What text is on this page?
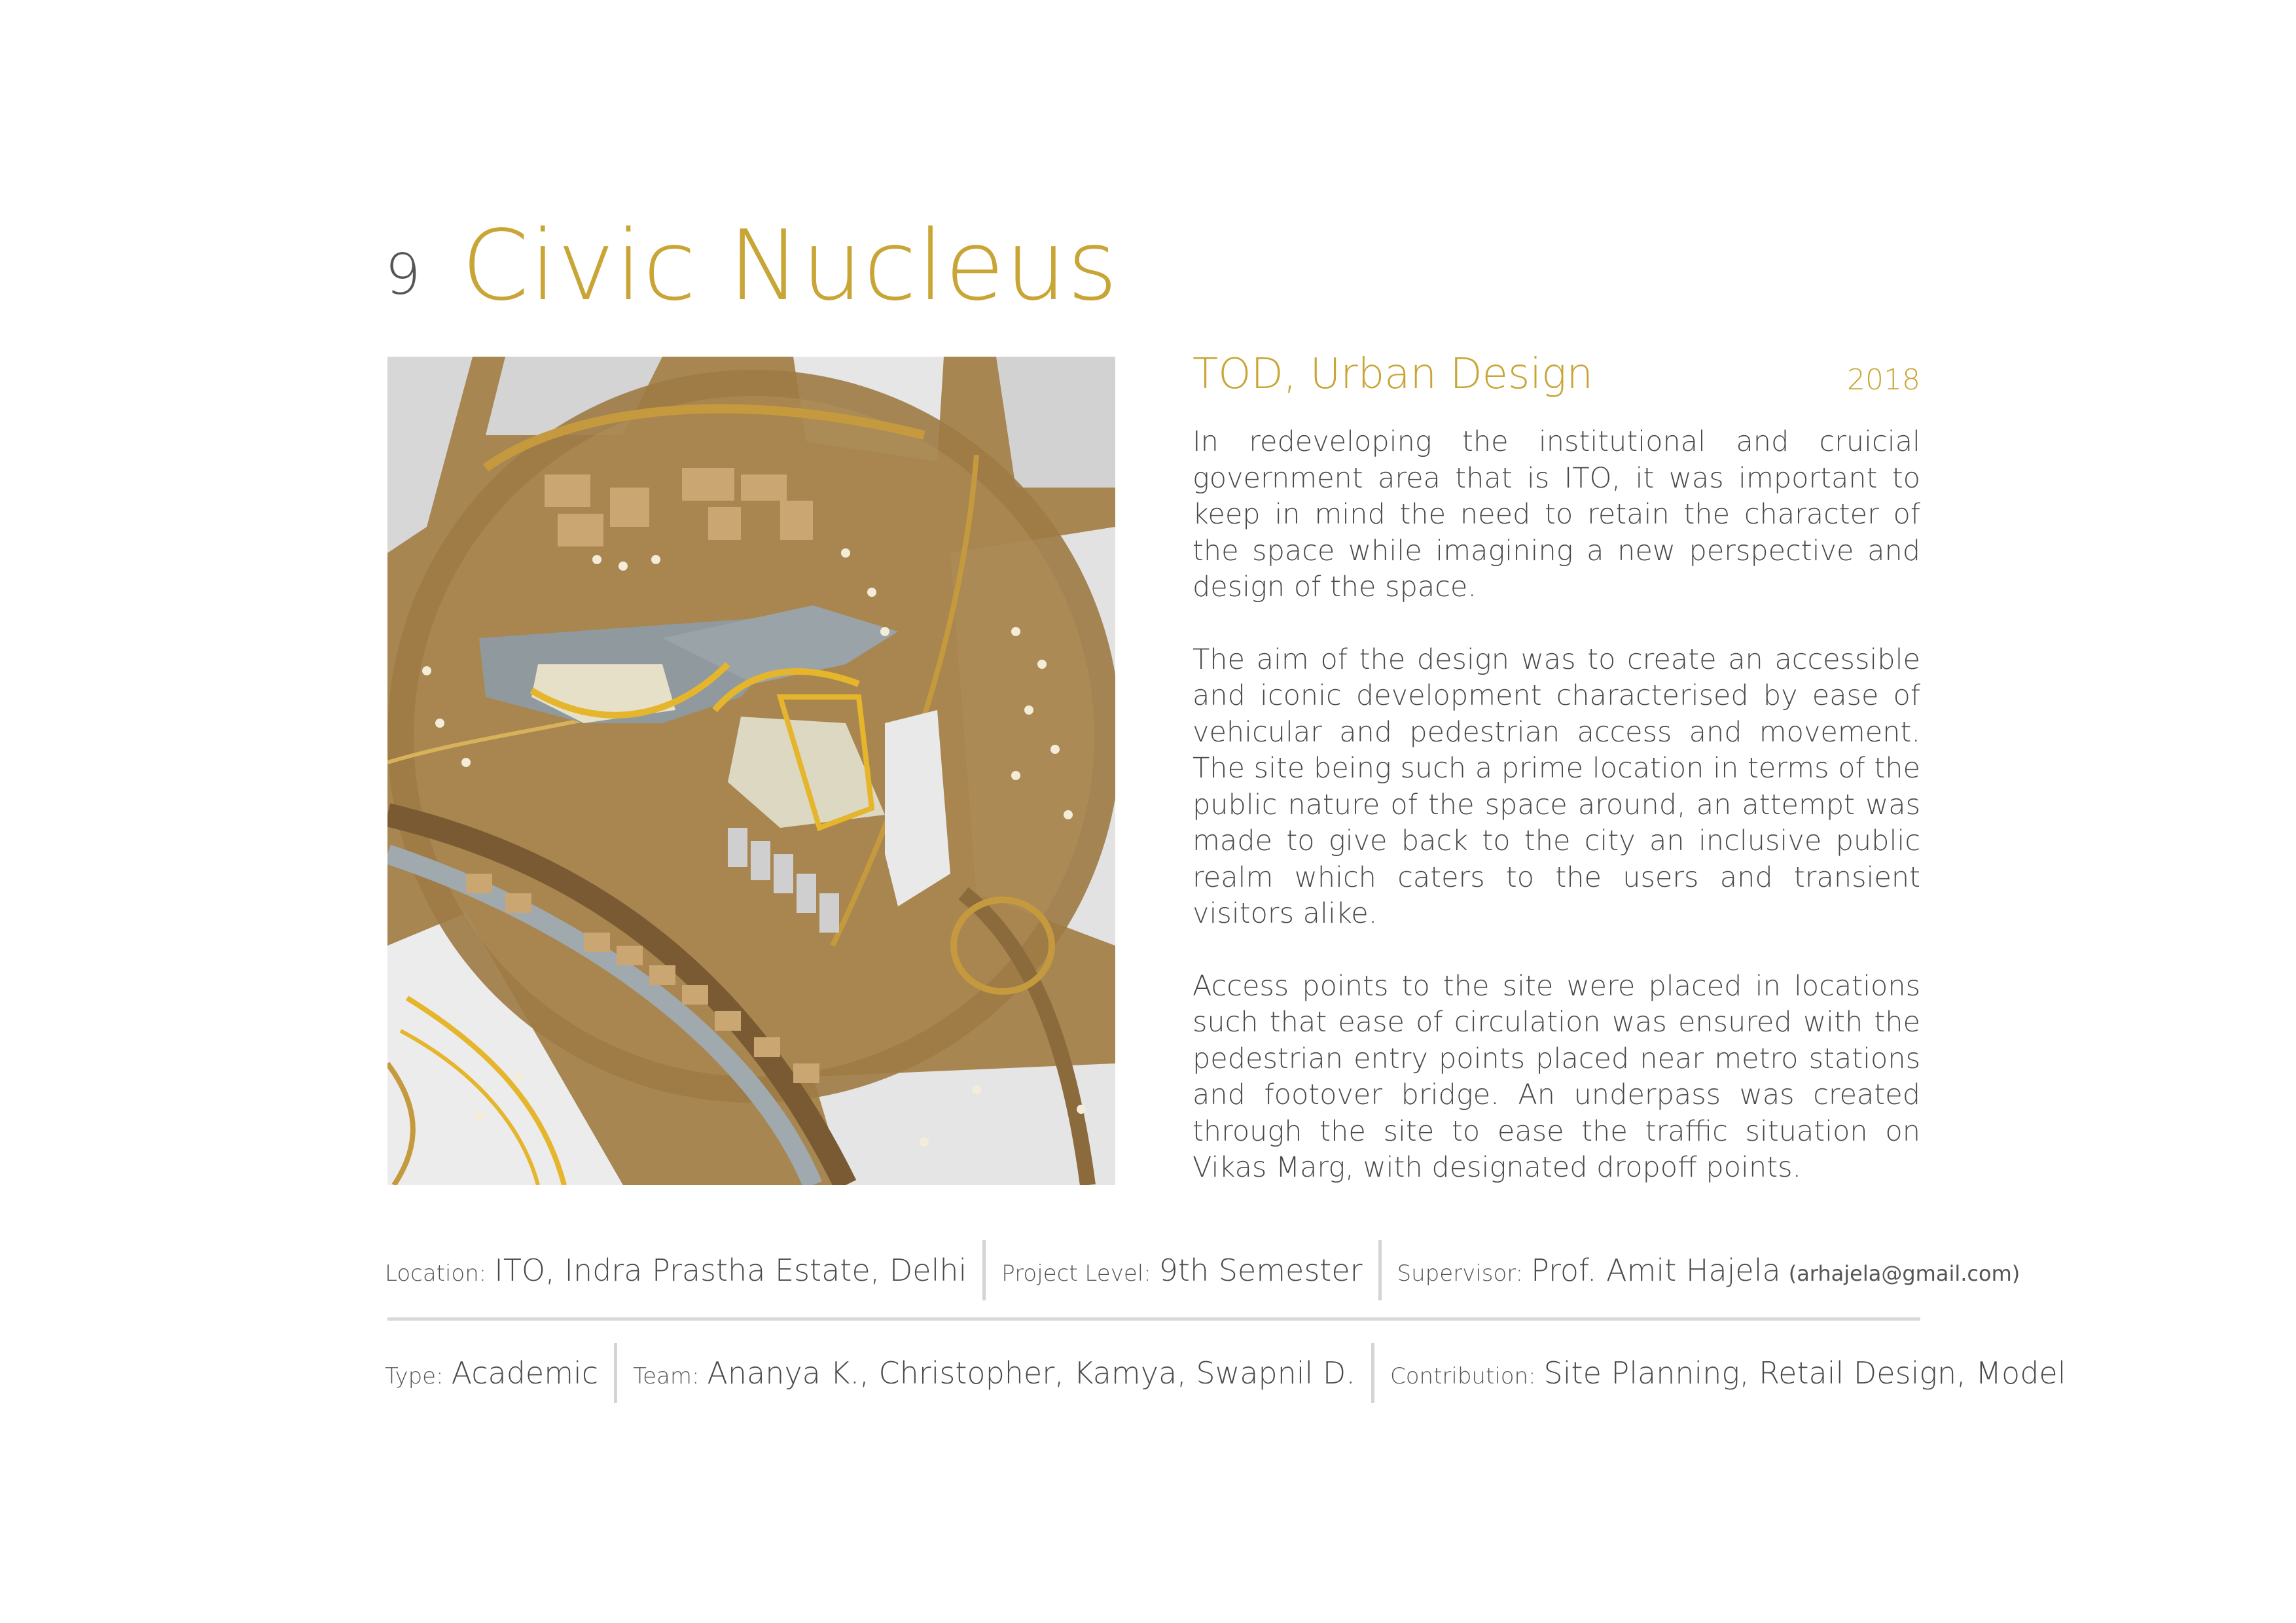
9 Civic Nucleus
TOD, Urban Design	2018

In redeveloping the institutional and cruicial government area that is ITO, it was important to keep in mind the need to retain the character of the space while imagining a new perspective and design of the space.

The aim of the design was to create an accessible and iconic development characterised by ease of vehicular and pedestrian access and movement. The site being such a prime location in terms of the public nature of the space around, an attempt was made to give back to the city an inclusive public realm which caters to the users and transient visitors alike.

Access points to the site were placed in locations such that ease of circulation was ensured with the pedestrian entry points placed near metro stations and footover bridge. An underpass was created through the site to ease the traffic situation on Vikas Marg, with designated dropoff points.

Location: ITO, Indra Prastha Estate, Delhi Project Level: 9th Semester Supervisor: Prof. Amit Hajela (arhajela@gmail.com)
Type: Academic Team: Ananya K., Christopher, Kamya, Swapnil D. Contribution: Site Planning, Retail Design, Model
